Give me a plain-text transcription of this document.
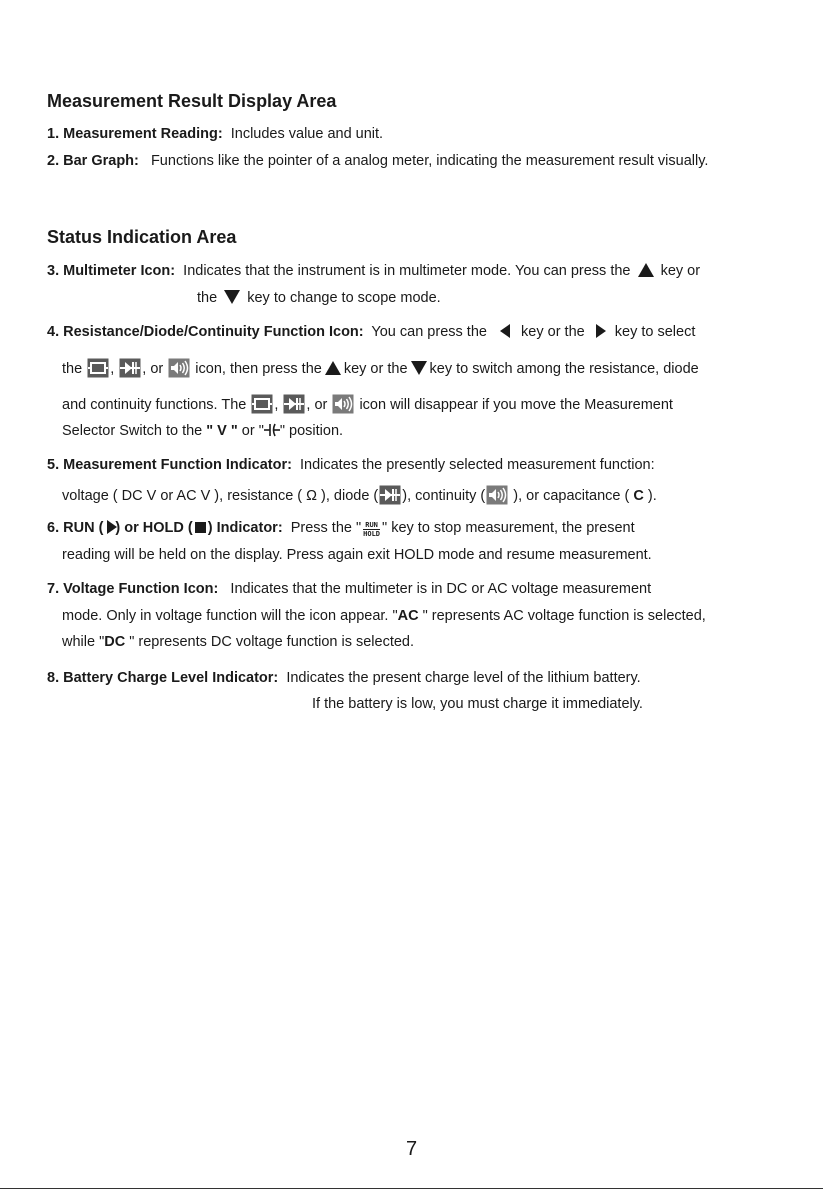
Measurement Result Display Area
1. Measurement Reading: Includes value and unit.
2. Bar Graph: Functions like the pointer of a analog meter, indicating the measurement result visually.
Status Indication Area
3. Multimeter Icon: Indicates that the instrument is in multimeter mode. You can press the key or
the key to change to scope mode.
4. Resistance/Diode/Continuity Function Icon: You can press the key or the key to select
the , , or icon, then press the key or the key to switch among the resistance, diode
and continuity functions. The , , or icon will disappear if you move the Measurement
Selector Switch to the " V " or " " position.
5. Measurement Function Indicator: Indicates the presently selected measurement function:
voltage ( DC V or AC V ), resistance ( Ω ), diode ( ), continuity ( ), or capacitance ( C ).
6. RUN ( ) or HOLD ( ) Indicator: Press the " RUN
HOLD " key to stop measurement, the present
reading will be held on the display. Press again exit HOLD mode and resume measurement.
7. Voltage Function Icon: Indicates that the multimeter is in DC or AC voltage measurement
mode. Only in voltage function will the icon appear. "AC " represents AC voltage function is selected,
while "DC " represents DC voltage function is selected.
8. Battery Charge Level Indicator: Indicates the present charge level of the lithium battery.
If the battery is low, you must charge it immediately.
7
